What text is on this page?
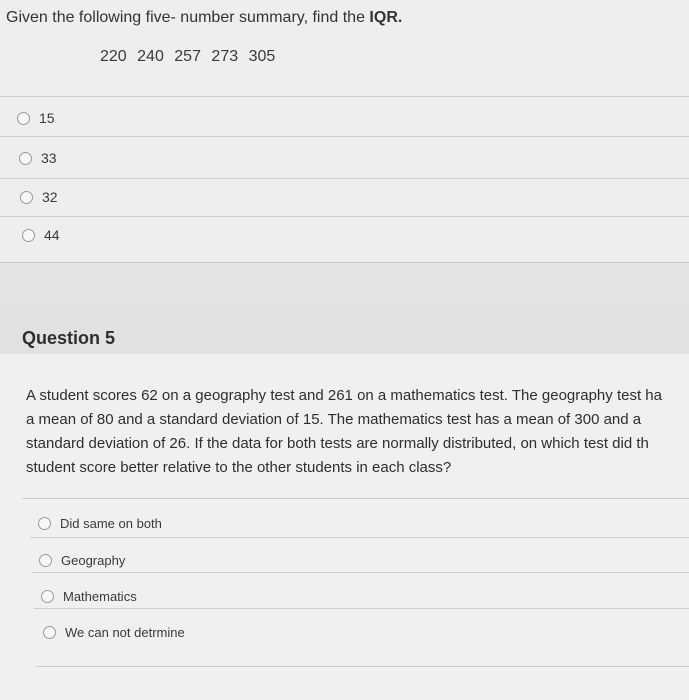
Given the following five- number summary, find the IQR.
220 240 257 273 305
15
33
32
44
Question 5
A student scores 62 on a geography test and 261 on a mathematics test. The geography test ha
a mean of 80 and a standard deviation of 15. The mathematics test has a mean of 300 and a
standard deviation of 26. If the data for both tests are normally distributed, on which test did th
student score better relative to the other students in each class?
Did same on both
Geography
Mathematics
We can not detrmine
